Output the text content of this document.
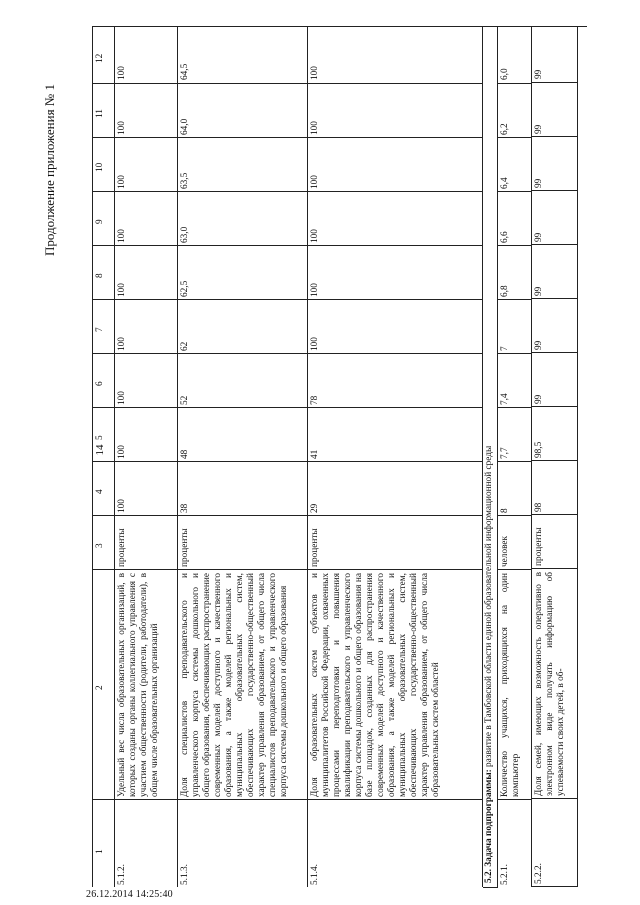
14
Продолжение приложения № 1
1
2
3
4
5
6
7
8
9
10
11
12
5.1.2.
Удельный вес числа образовательных организаций, в которых созданы органы коллегиального управления с участием общественности (родители, работодатели), в общем числе образовательных организаций
проценты
100
100
100
100
100
100
100
100
100
5.1.3.
Доля специалистов преподавательского и управленческого корпуса системы дошкольного и общего образования, обеспечивающих распространение современных моделей доступного и качественного образования, а также моделей региональных и муниципальных образовательных систем, обеспечивающих государственно-общественный характер управления образованием, от общего числа специалистов преподавательского и управленческого корпуса системы дошкольного и общего образования
проценты
38
48
52
62
62,5
63,0
63,5
64,0
64,5
5.1.4.
Доля образовательных систем субъектов и муниципалитетов Российской Федерации, охваченных процессами переподготовки и повышения квалификации преподавательского и управленческого корпуса системы дошкольного и общего образования на базе площадок, созданных для распространения современных моделей доступного и качественного образования, а также моделей региональных и муниципальных образовательных систем, обеспечивающих государственно-общественный характер управления образованием, от общего числа образовательных систем областей
проценты
29
41
78
100
100
100
100
100
100
5.2. Задача подпрограммы: развитие в Тамбовской области единой образовательной информационной среды
5.2.1.
Количество учащихся, приходящихся на один компьютер
человек
8
7,7
7,4
7
6,8
6,6
6,4
6,2
6,0
5.2.2.
Доля семей, имеющих возможность оперативно в электронном виде получать информацию об успеваемости своих детей, в об-
проценты
98
98,5
99
99
99
99
99
99
99
26.12.2014 14:25:40
